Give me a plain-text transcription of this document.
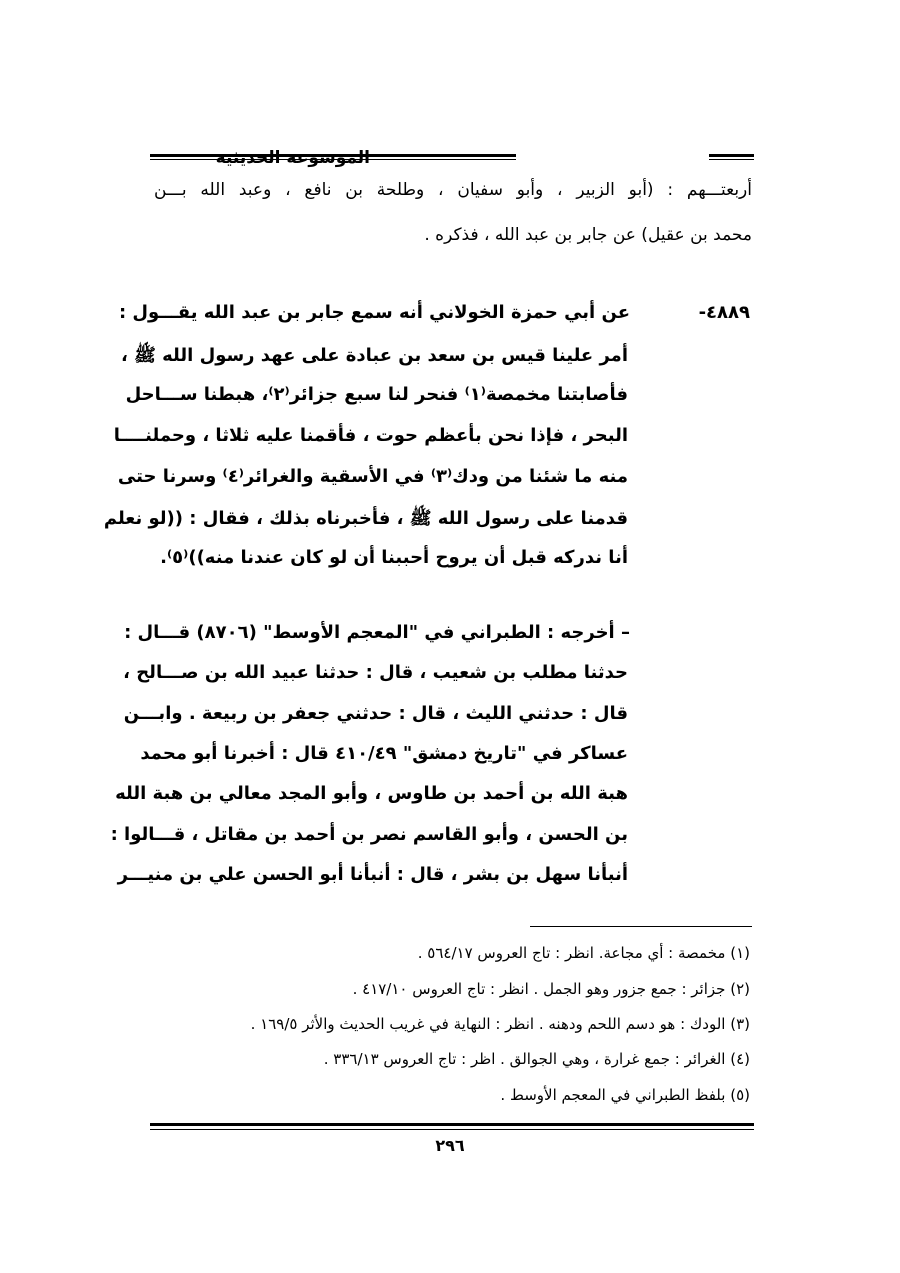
الموسوعة الحديثية
أربعتـــهم : (أبو الزبير ، وأبو سفيان ، وطلحة بن نافع ، وعبد الله بـــن
محمد بن عقيل) عن جابر بن عبد الله ، فذكره .
٤٨٨٩-
عن أبي حمزة الخولاني أنه سمع جابر بن عبد الله يقـــول :
أمر علينا قيس بن سعد بن عبادة على عهد رسول الله ﷺ ،
فأصابتنا مخمصة⁽١⁾ فنحر لنا سبع جزائر⁽٢⁾، هبطنا ســـاحل
البحر ، فإذا نحن بأعظم حوت ، فأقمنا عليه ثلاثا ، وحملنــــا
منه ما شئنا من ودك⁽٣⁾ في الأسقية والغرائر⁽٤⁾ وسرنا حتى
قدمنا على رسول الله ﷺ ، فأخبرناه بذلك ، فقال : ((لو نعلم
أنا ندركه قبل أن يروح أحببنا أن لو كان عندنا منه))⁽٥⁾.
– أخرجه : الطبراني في "المعجم الأوسط" (٨٧٠٦) قـــال :
حدثنا مطلب بن شعيب ، قال : حدثنا عبيد الله بن صـــالح ،
قال : حدثني الليث ، قال : حدثني جعفر بن ربيعة . وابـــن
عساكر في "تاريخ دمشق" ٤١٠/٤٩ قال : أخبرنا أبو محمد
هبة الله بن أحمد بن طاوس ، وأبو المجد معالي بن هبة الله
بن الحسن ، وأبو القاسم نصر بن أحمد بن مقاتل ، قـــالوا :
أنبأنا سهل بن بشر ، قال : أنبأنا أبو الحسن علي بن منيـــر
(١) مخمصة : أي مجاعة. انظر : تاج العروس ٥٦٤/١٧ .
(٢) جزائر : جمع جزور وهو الجمل . انظر : تاج العروس ٤١٧/١٠ .
(٣) الودك : هو دسم اللحم ودهنه . انظر : النهاية في غريب الحديث والأثر ١٦٩/٥ .
(٤) الغرائر : جمع غرارة ، وهي الجوالق . اظر : تاج العروس ٣٣٦/١٣ .
(٥) بلفظ الطبراني في المعجم الأوسط .
٢٩٦
